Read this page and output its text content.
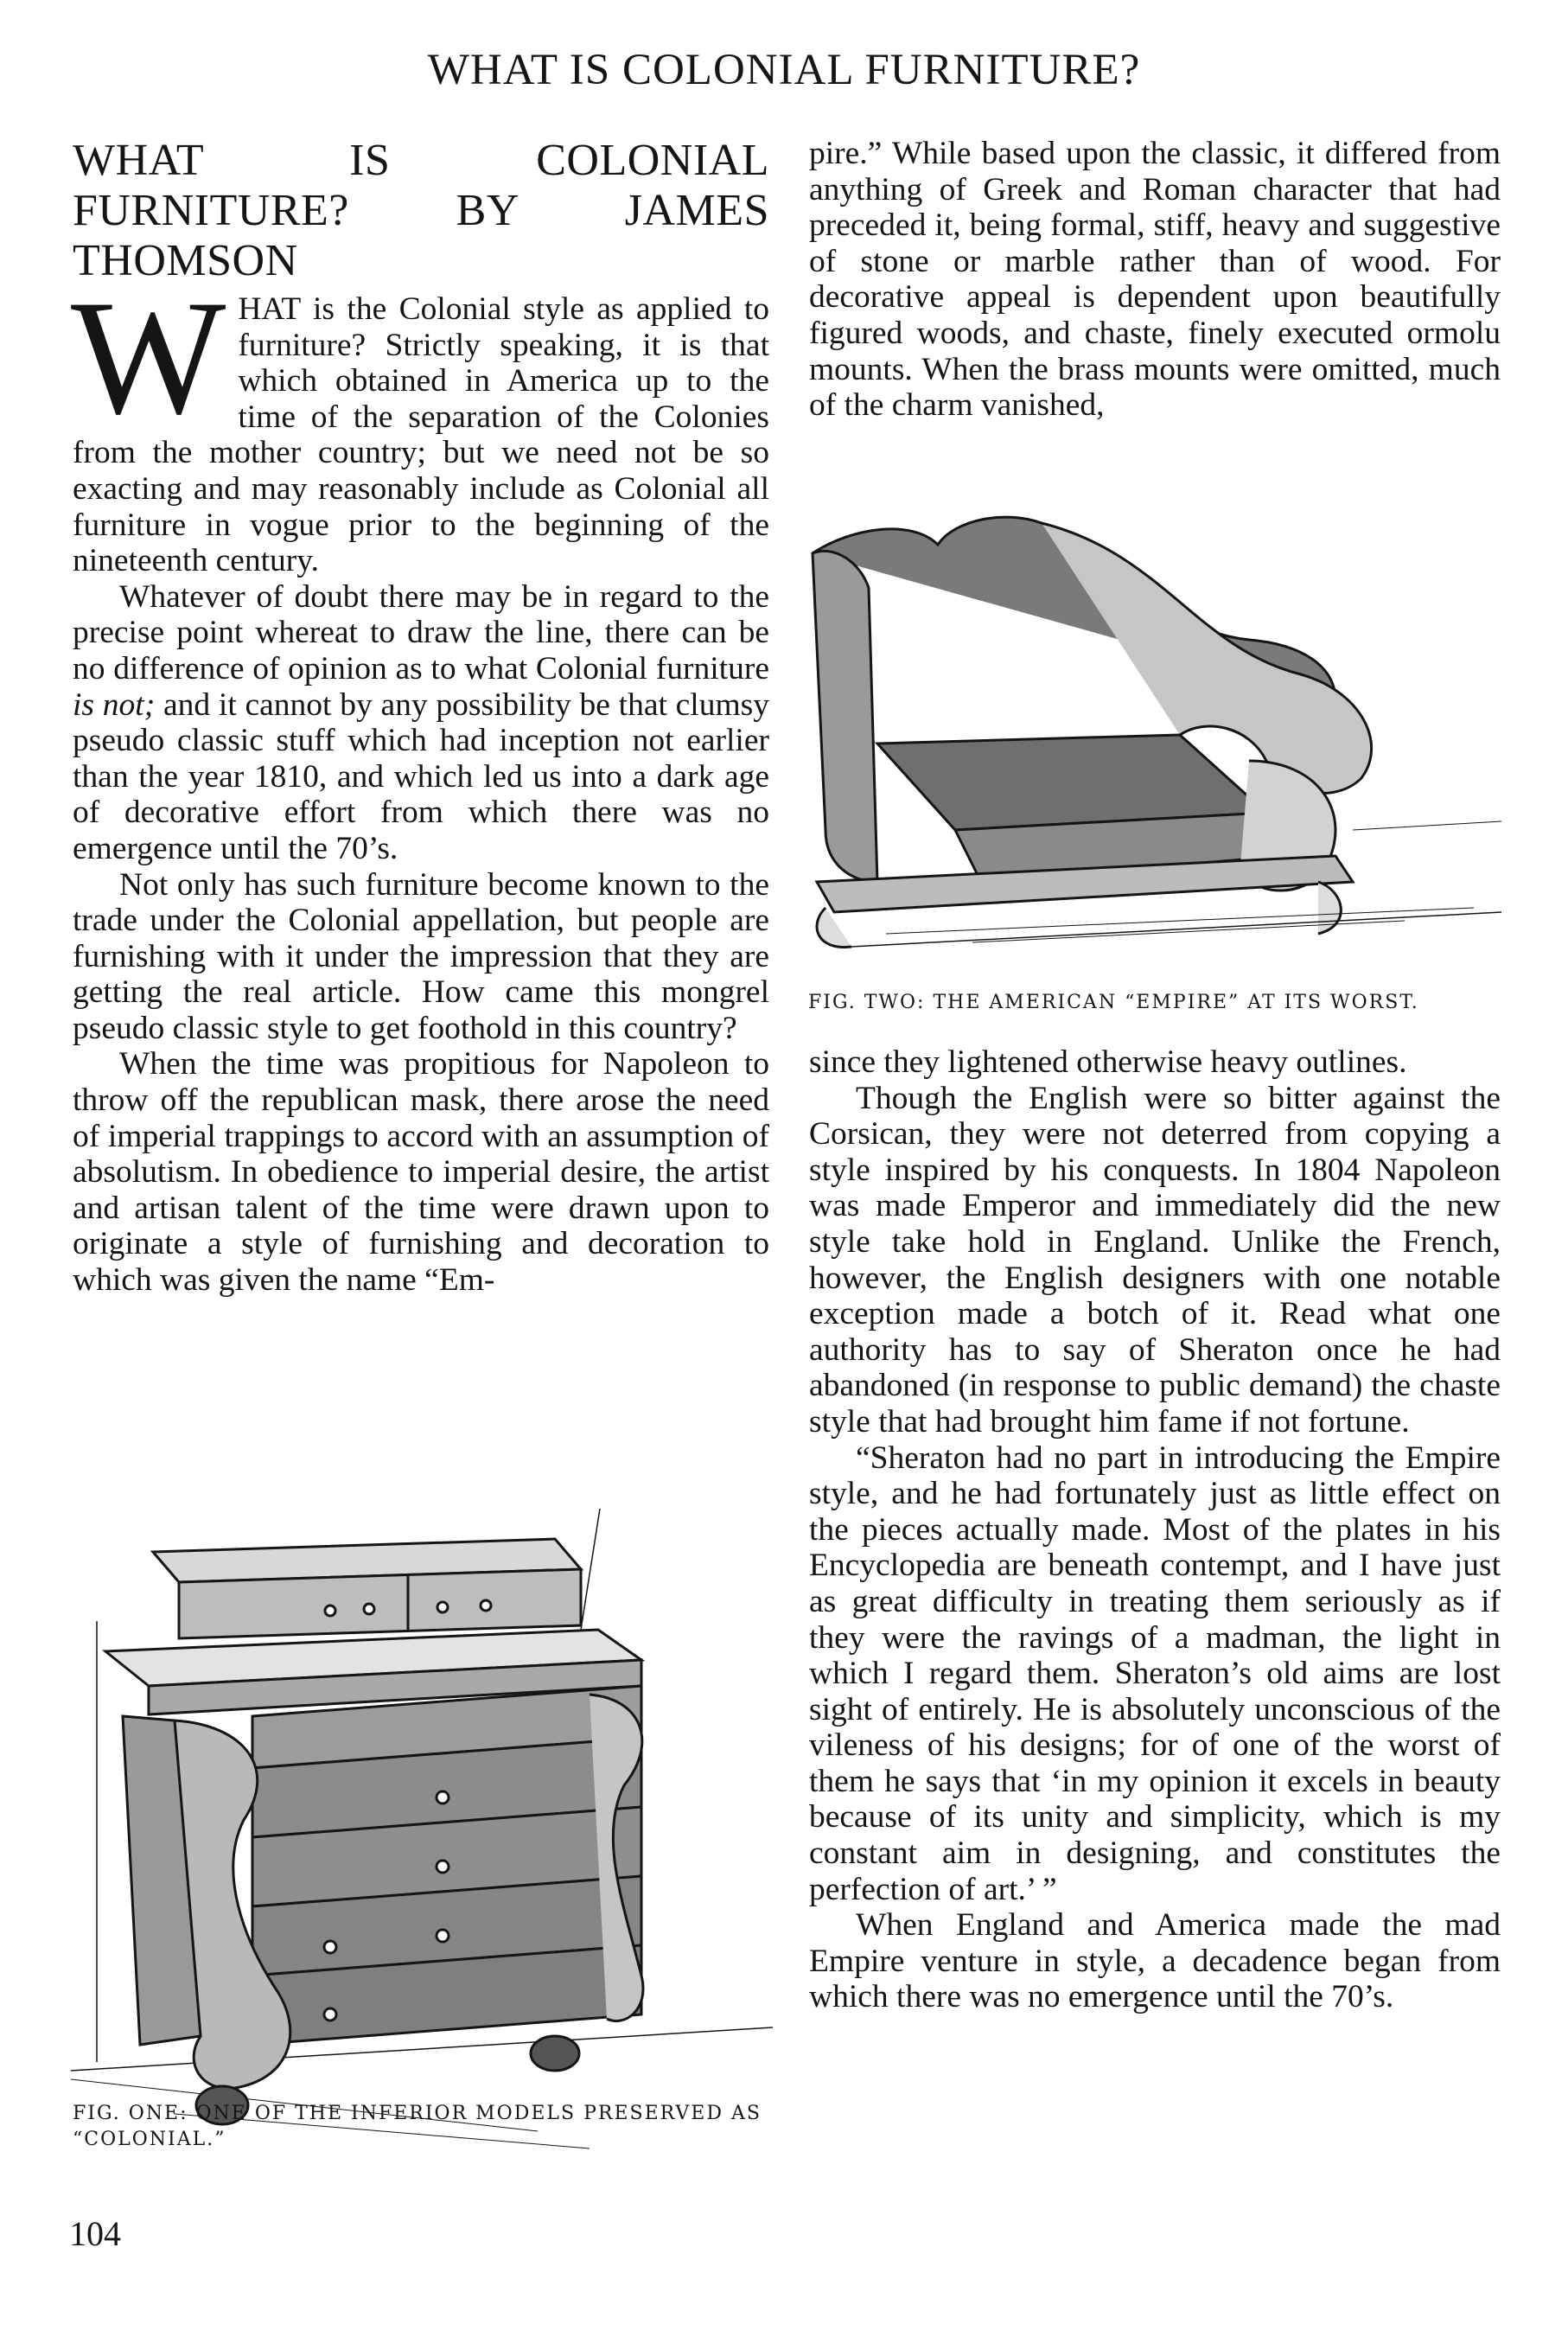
WHAT IS COLONIAL FURNITURE?
WHAT IS COLONIAL FURNITURE? BY JAMES THOMSON

WHAT is the Colonial style as applied to furniture? Strictly speaking, it is that which obtained in America up to the time of the separation of the Colonies from the mother country; but we need not be so exacting and may reasonably include as Colonial all furniture in vogue prior to the beginning of the nineteenth century.

Whatever of doubt there may be in regard to the precise point whereat to draw the line, there can be no difference of opinion as to what Colonial furniture is not; and it cannot by any possibility be that clumsy pseudo classic stuff which had inception not earlier than the year 1810, and which led us into a dark age of decorative effort from which there was no emergence until the 70’s.

Not only has such furniture become known to the trade under the Colonial appellation, but people are furnishing with it under the impression that they are getting the real article. How came this mongrel pseudo classic style to get foothold in this country?

When the time was propitious for Napoleon to throw off the republican mask, there arose the need of imperial trappings to accord with an assumption of absolutism. In obedience to imperial desire, the artist and artisan talent of the time were drawn upon to originate a style of furnishing and decoration to which was given the name “Em-

FIG. ONE: ONE OF THE INFERIOR MODELS PRESERVED AS “COLONIAL.”

pire.” While based upon the classic, it differed from anything of Greek and Roman character that had preceded it, being formal, stiff, heavy and suggestive of stone or marble rather than of wood. For decorative appeal is dependent upon beautifully figured woods, and chaste, finely executed ormolu mounts. When the brass mounts were omitted, much of the charm vanished,

FIG. TWO: THE AMERICAN “EMPIRE” AT ITS WORST.

since they lightened otherwise heavy outlines.

Though the English were so bitter against the Corsican, they were not deterred from copying a style inspired by his conquests. In 1804 Napoleon was made Emperor and immediately did the new style take hold in England. Unlike the French, however, the English designers with one notable exception made a botch of it. Read what one authority has to say of Sheraton once he had abandoned (in response to public demand) the chaste style that had brought him fame if not fortune.

“Sheraton had no part in introducing the Empire style, and he had fortunately just as little effect on the pieces actually made. Most of the plates in his Encyclopedia are beneath contempt, and I have just as great difficulty in treating them seriously as if they were the ravings of a madman, the light in which I regard them. Sheraton’s old aims are lost sight of entirely. He is absolutely unconscious of the vileness of his designs; for of one of the worst of them he says that ‘in my opinion it excels in beauty because of its unity and simplicity, which is my constant aim in designing, and constitutes the perfection of art.’ ”

When England and America made the mad Empire venture in style, a decadence began from which there was no emergence until the 70’s.

104
